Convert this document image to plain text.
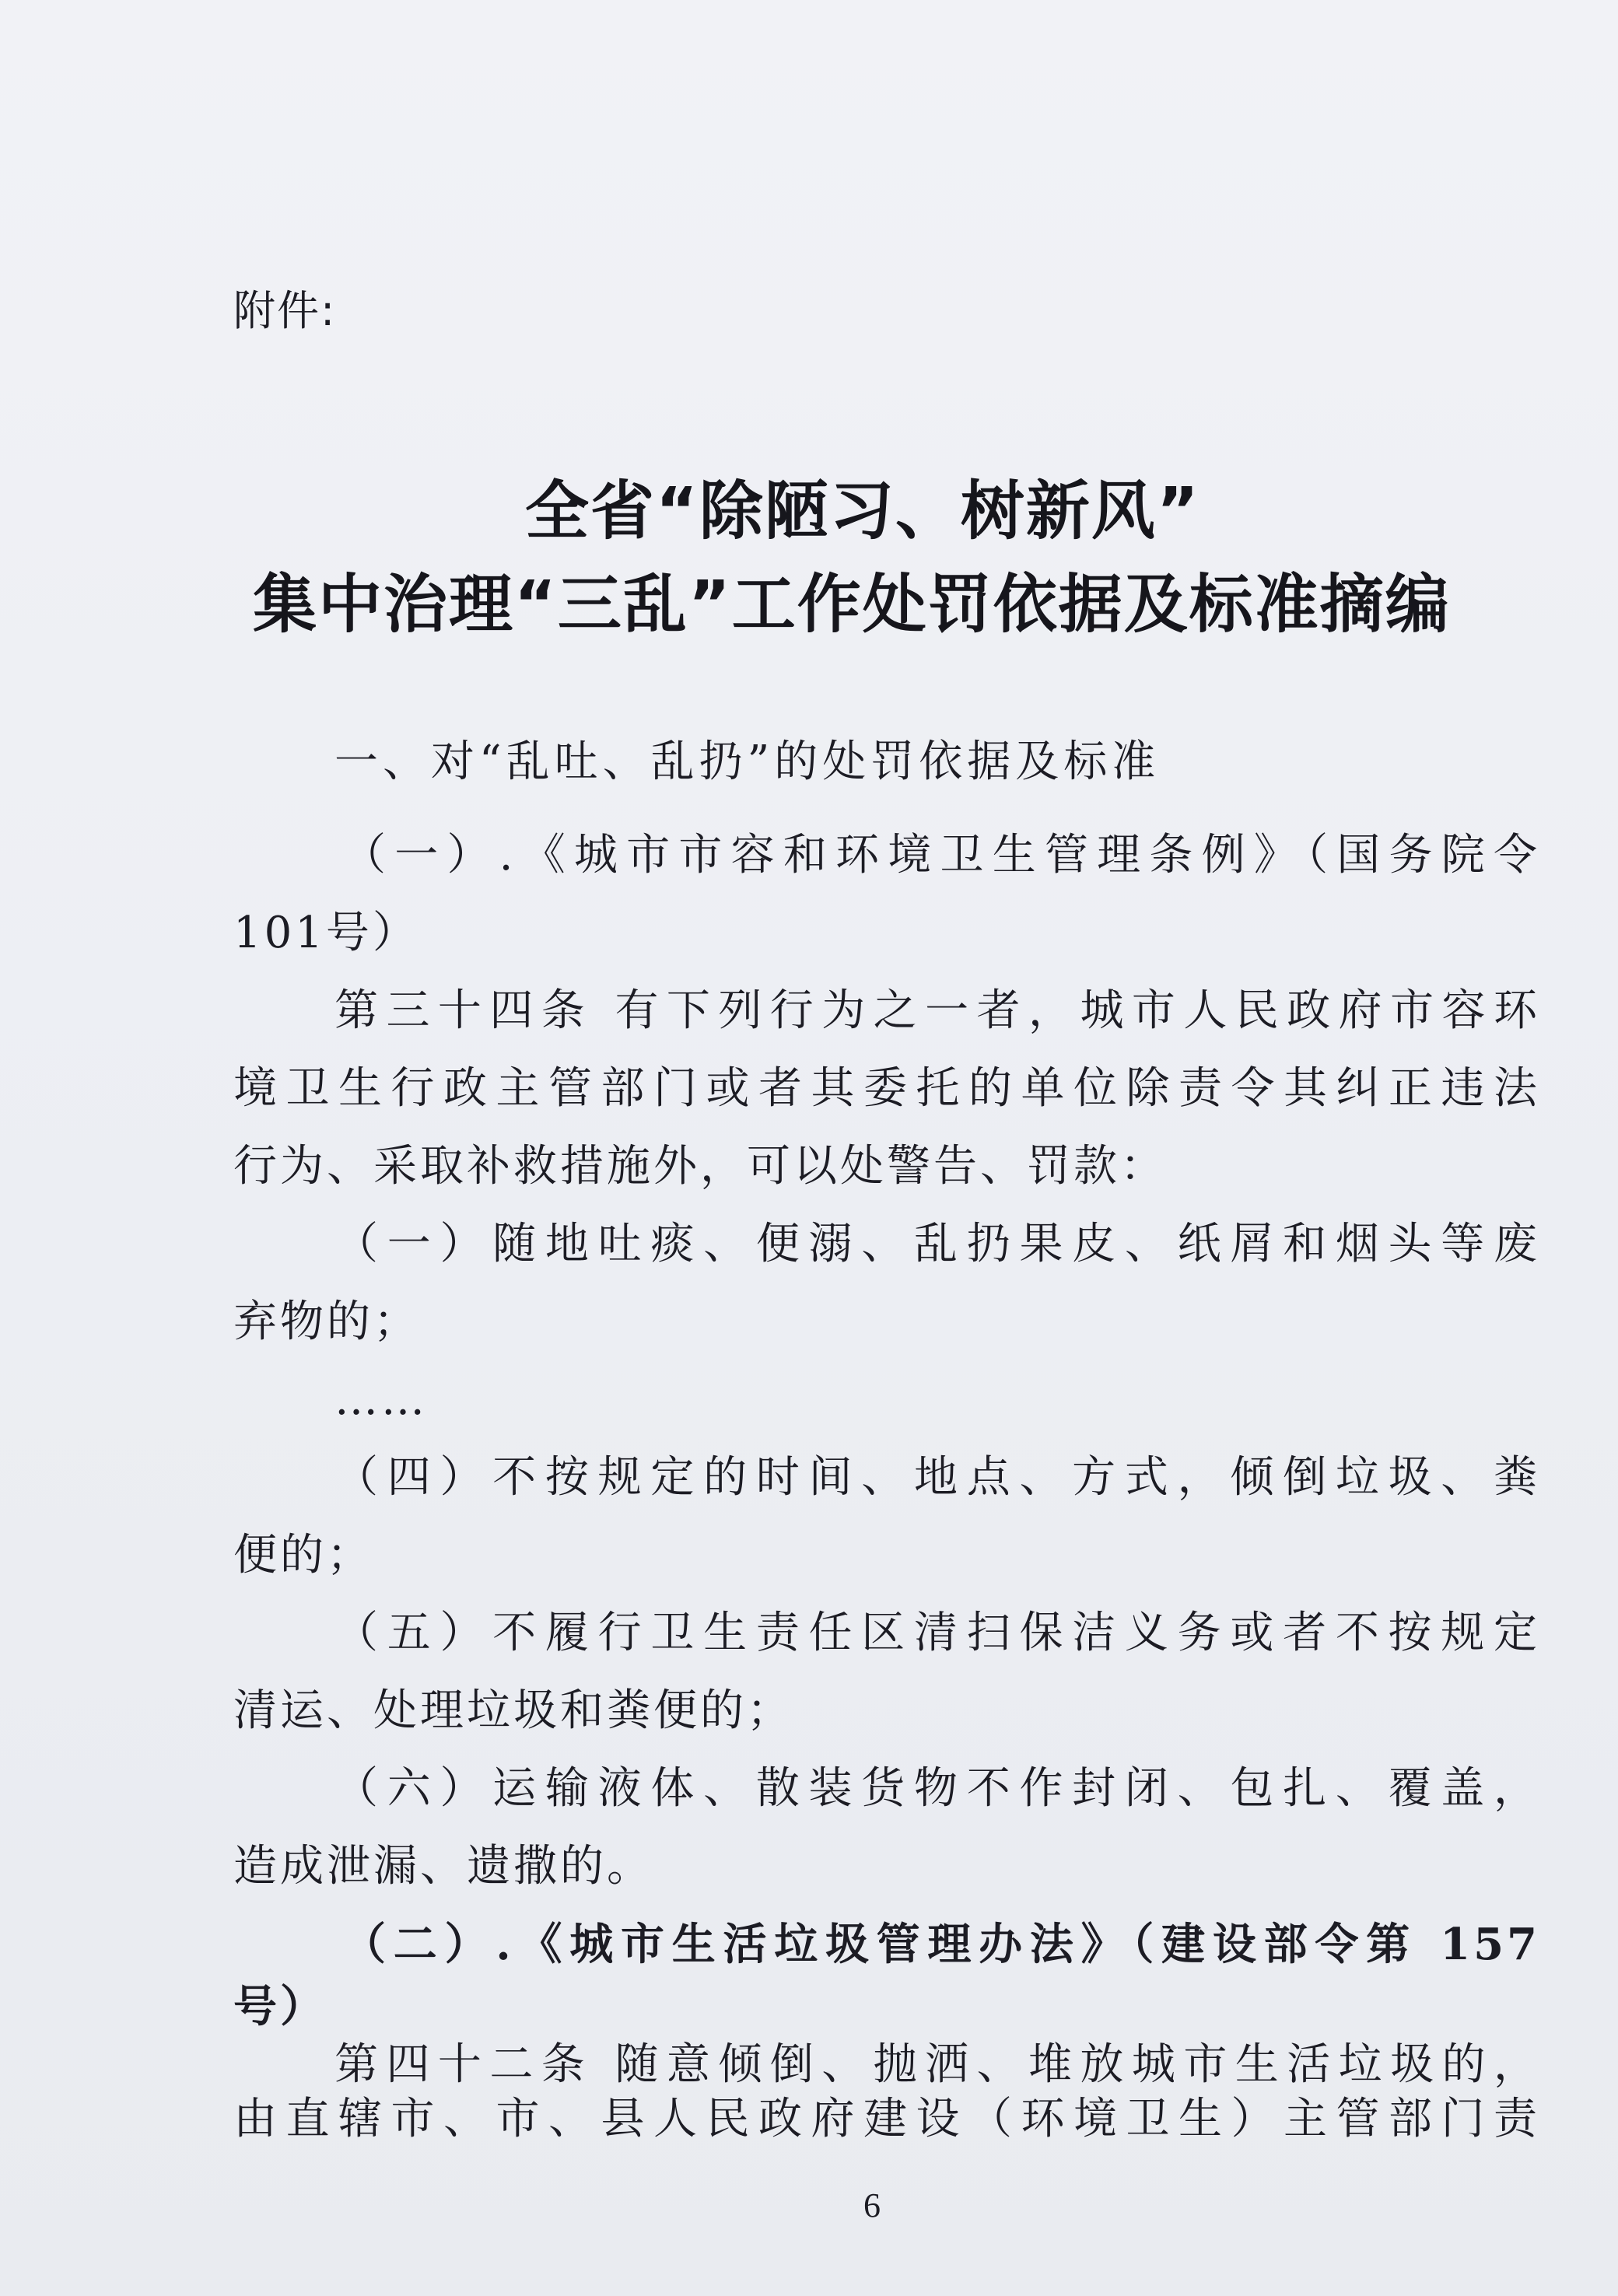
附件:
全省“除陋习、树新风”
集中治理“三乱”工作处罚依据及标准摘编
一、对“乱吐、乱扔”的处罚依据及标准
（一）.《城市市容和环境卫生管理条例》（国务院令
101号）
第三十四条 有下列行为之一者，城市人民政府市容环
境卫生行政主管部门或者其委托的单位除责令其纠正违法
行为、采取补救措施外，可以处警告、罚款：
（一）随地吐痰、便溺、乱扔果皮、纸屑和烟头等废
弃物的；
……
（四）不按规定的时间、地点、方式，倾倒垃圾、粪
便的；
（五）不履行卫生责任区清扫保洁义务或者不按规定
清运、处理垃圾和粪便的；
（六）运输液体、散装货物不作封闭、包扎、覆盖，
造成泄漏、遗撒的。
（二）.《城市生活垃圾管理办法》（建设部令第 157
号）
第四十二条 随意倾倒、抛洒、堆放城市生活垃圾的，
由直辖市、市、县人民政府建设（环境卫生）主管部门责
6
